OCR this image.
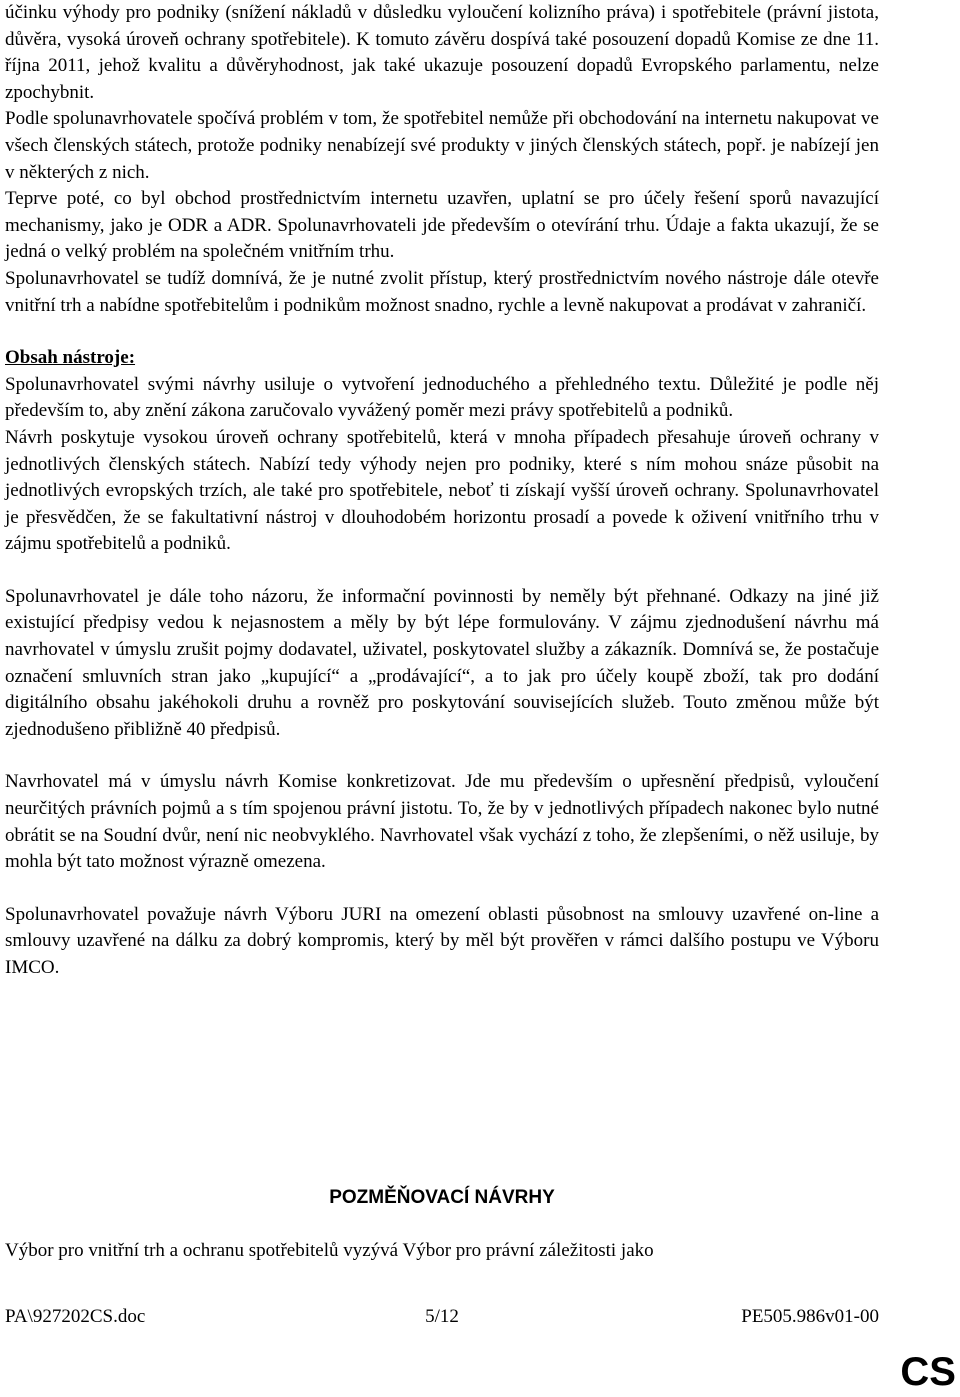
účinku výhody pro podniky (snížení nákladů v důsledku vyloučení kolizního práva) i spotřebitele (právní jistota, důvěra, vysoká úroveň ochrany spotřebitele). K tomuto závěru dospívá také posouzení dopadů Komise ze dne 11. října 2011, jehož kvalitu a důvěryhodnost, jak také ukazuje posouzení dopadů Evropského parlamentu, nelze zpochybnit.

Podle spolunavrhovatele spočívá problém v tom, že spotřebitel nemůže při obchodování na internetu nakupovat ve všech členských státech, protože podniky nenabízejí své produkty v jiných členských státech, popř. je nabízejí jen v některých z nich.

Teprve poté, co byl obchod prostřednictvím internetu uzavřen, uplatní se pro účely řešení sporů navazující mechanismy, jako je ODR a ADR. Spolunavrhovateli jde především o otevírání trhu. Údaje a fakta ukazují, že se jedná o velký problém na společném vnitřním trhu.

Spolunavrhovatel se tudíž domnívá, že je nutné zvolit přístup, který prostřednictvím nového nástroje dále otevře vnitřní trh a nabídne spotřebitelům i podnikům možnost snadno, rychle a levně nakupovat a prodávat v zahraničí.

Obsah nástroje:

Spolunavrhovatel svými návrhy usiluje o vytvoření jednoduchého a přehledného textu. Důležité je podle něj především to, aby znění zákona zaručovalo vyvážený poměr mezi právy spotřebitelů a podniků.

Návrh poskytuje vysokou úroveň ochrany spotřebitelů, která v mnoha případech přesahuje úroveň ochrany v jednotlivých členských státech. Nabízí tedy výhody nejen pro podniky, které s ním mohou snáze působit na jednotlivých evropských trzích, ale také pro spotřebitele, neboť ti získají vyšší úroveň ochrany. Spolunavrhovatel je přesvědčen, že se fakultativní nástroj v dlouhodobém horizontu prosadí a povede k oživení vnitřního trhu v zájmu spotřebitelů a podniků.

Spolunavrhovatel je dále toho názoru, že informační povinnosti by neměly být přehnané. Odkazy na jiné již existující předpisy vedou k nejasnostem a měly by být lépe formulovány. V zájmu zjednodušení návrhu má navrhovatel v úmyslu zrušit pojmy dodavatel, uživatel, poskytovatel služby a zákazník. Domnívá se, že postačuje označení smluvních stran jako „kupující“ a „prodávající“, a to jak pro účely koupě zboží, tak pro dodání digitálního obsahu jakéhokoli druhu a rovněž pro poskytování souvisejících služeb. Touto změnou může být zjednodušeno přibližně 40 předpisů.

Navrhovatel má v úmyslu návrh Komise konkretizovat. Jde mu především o upřesnění předpisů, vyloučení neurčitých právních pojmů a s tím spojenou právní jistotu. To, že by v jednotlivých případech nakonec bylo nutné obrátit se na Soudní dvůr, není nic neobvyklého. Navrhovatel však vychází z toho, že zlepšeními, o něž usiluje, by mohla být tato možnost výrazně omezena.

Spolunavrhovatel považuje návrh Výboru JURI na omezení oblasti působnost na smlouvy uzavřené on-line a smlouvy uzavřené na dálku za dobrý kompromis, který by měl být prověřen v rámci dalšího postupu ve Výboru IMCO.

POZMĚŇOVACÍ NÁVRHY

Výbor pro vnitřní trh a ochranu spotřebitelů vyzývá Výbor pro právní záležitosti jako

PA\927202CS.doc	5/12	PE505.986v01-00
CS
